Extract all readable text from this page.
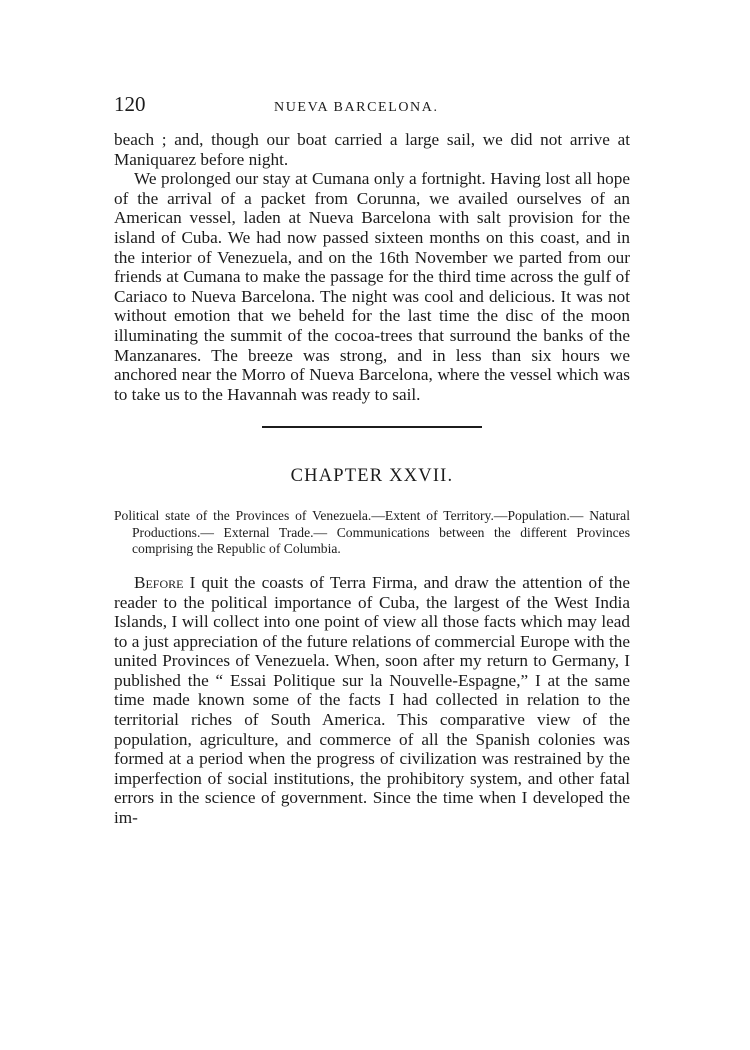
120	NUEVA BARCELONA.

beach ; and, though our boat carried a large sail, we did not arrive at Maniquarez before night.

We prolonged our stay at Cumana only a fortnight. Having lost all hope of the arrival of a packet from Corunna, we availed ourselves of an American vessel, laden at Nueva Barcelona with salt provision for the island of Cuba. We had now passed sixteen months on this coast, and in the interior of Venezuela, and on the 16th November we parted from our friends at Cumana to make the passage for the third time across the gulf of Cariaco to Nueva Barcelona. The night was cool and delicious. It was not without emotion that we beheld for the last time the disc of the moon illuminating the summit of the cocoa-trees that surround the banks of the Manzanares. The breeze was strong, and in less than six hours we anchored near the Morro of Nueva Barcelona, where the vessel which was to take us to the Havannah was ready to sail.

CHAPTER XXVII.
Political state of the Provinces of Venezuela.—Extent of Territory.—Population.— Natural Productions.— External Trade.— Communications between the different Provinces comprising the Republic of Columbia.

Before I quit the coasts of Terra Firma, and draw the attention of the reader to the political importance of Cuba, the largest of the West India Islands, I will collect into one point of view all those facts which may lead to a just appreciation of the future relations of commercial Europe with the united Provinces of Venezuela. When, soon after my return to Germany, I published the “ Essai Politique sur la Nouvelle-Espagne,” I at the same time made known some of the facts I had collected in relation to the territorial riches of South America. This comparative view of the population, agriculture, and commerce of all the Spanish colonies was formed at a period when the progress of civilization was restrained by the imperfection of social institutions, the prohibitory system, and other fatal errors in the science of government. Since the time when I developed the im-
